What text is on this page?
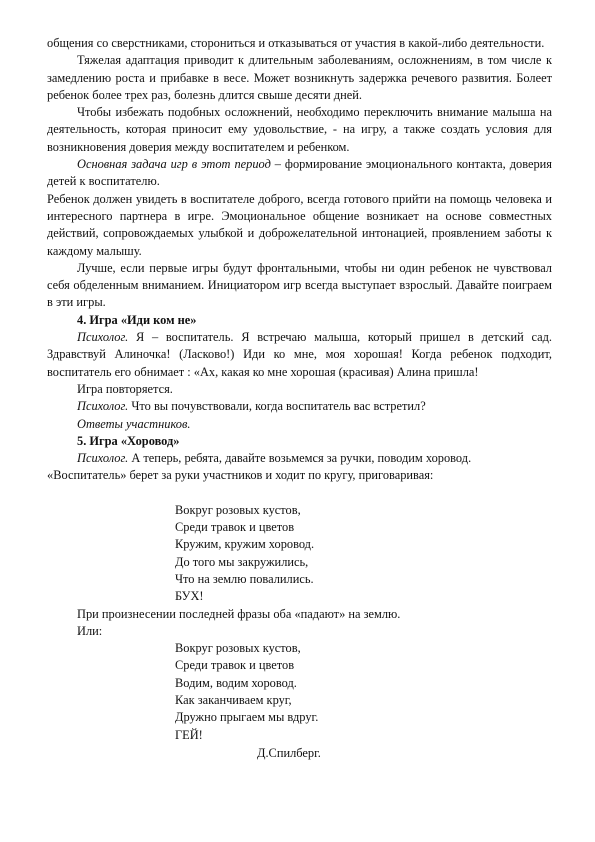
общения со сверстниками, сторониться и отказываться от участия в какой-либо деятельности.

Тяжелая адаптация приводит к длительным заболеваниям, осложнениям, в том числе к замедлению роста и прибавке в весе. Может возникнуть задержка речевого развития. Болеет ребенок более трех раз, болезнь длится свыше десяти дней.

Чтобы избежать подобных осложнений, необходимо переключить внимание малыша на деятельность, которая приносит ему удовольствие, - на игру, а также создать условия для возникновения доверия между воспитателем и ребенком.

Основная задача игр в этот период – формирование эмоционального контакта, доверия детей к воспитателю.

Ребенок должен увидеть в воспитателе доброго, всегда готового прийти на помощь человека и интересного партнера в игре. Эмоциональное общение возникает на основе совместных действий, сопровождаемых улыбкой и доброжелательной интонацией, проявлением заботы к каждому малышу.

Лучше, если первые игры будут фронтальными, чтобы ни один ребенок не чувствовал себя обделенным вниманием. Инициатором игр всегда выступает взрослый. Давайте поиграем в эти игры.

4. Игра «Иди ком не»

Психолог. Я – воспитатель. Я встречаю малыша, который пришел в детский сад. Здравствуй Алиночка! (Ласково!) Иди ко мне, моя хорошая! Когда ребенок подходит, воспитатель его обнимает : «Ах, какая ко мне хорошая (красивая) Алина пришла!

Игра повторяется.

Психолог. Что вы почувствовали, когда воспитатель вас встретил?

Ответы участников.

5. Игра «Хоровод»

Психолог. А теперь, ребята, давайте возьмемся за ручки, поводим хоровод.

«Воспитатель» берет за руки участников и ходит по кругу, приговаривая:

Вокруг розовых кустов,
Среди травок и цветов
Кружим, кружим хоровод.
До того мы закружились,
Что на землю повалились.
БУХ!

При произнесении последней фразы оба «падают» на землю.

Или:

Вокруг розовых кустов,
Среди травок и цветов
Водим, водим хоровод.
Как заканчиваем круг,
Дружно прыгаем мы вдруг.
ГЕЙ!
Д.Спилберг.
